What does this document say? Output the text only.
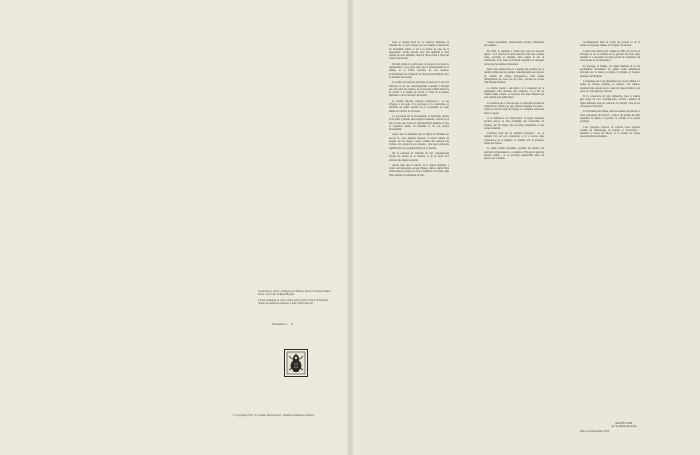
Cuoni-Dassu, editor e stampatore in Basilea, Piazza del Sandro Maria Rossi, con il testo di René Huyghe.

L'Opera stampata su carta a mano della Cartiera Vallesi di Fabriano, tiratura in esemplari numerati, a tutti i diritti riservati.

Esemplare n. 3
© Copyright 1970 - by Sandro Maria Rossi - Edizioni Stamperia in Brera

Sous le champ étroit de la création artistique, le domaine de ce réel conquis par les fouillés et découvert de l'ensemble entier, il est à la portée de tous de la représenter, qu'elle dévoile avec une humilité et plus pudeur de cette intimité, vient de l'être révélé à l'une des sources du monde.

On déjà d'abord ce qu'ils plus. À travers la vie leur, ils représentent, à nos yeux, plus que le frémissement de la plume, et la forme nouvelle de son essence, profondément lié, l'épisode de l'inconscient humain avec ce bénéfice du monde.

La réalité est toujours traversée en plus par la sève de l'univers et de son développement essentiel. L'énergie qui, aux yeux des artistes, de la nouvelle réalité d'un rêve se révèle, à la chaîne du vivant, à l'élan de la pensée humaine et de la structure du monde.

Le monde cherche toujours l'expression : ce qui échappe à nos sens, il le prolonge, il le transforme, et l'homme est enfin capable de se reconnaître au cœur même de l'action, de la forme.

Ce processus sur le mouvement, la naturalité, qu'elle avait aboli à jamais, dans lequel il demeure, retrouve son lieu en tant que forme de représentation générale et que la condition même de l'homme et de son propre mouvement.

Après dans le sentiment que la figure de l'homme est encore là, cette dernière tension, à travers l'étude du monde, est un regard, conçu comme une relation des formes, et le geste de son créateur ; elle porte aussi une signification de sa pleine liberté en ce monde.

On se souvient de l'attitude de l'art contemporain devant les choses de la matière, et de la façon d'en extraire une figure nouvelle.

Aucun peut que le dessin de la figure humaine y trouve son expression, et que l'image, dans le dépôt d'une vision directe, révèle à la fois la tradition et l'avenir, dans l'élan unique et permanent de l'art.

visuels représentés, apparaissent presque l'idéalisme des origines.

En 1945, le réalisme a connu une sorte de nouveau départ : on a cherché la forme nouvelle d'un réel, comme vaste, nouvelle et sensible, dans lequel la vie se transforme. C'est ainsi qu'il fallait reprendre le dialogue ouvert par les maîtres d'autrefois.

Dans cette perspective, il a ensuite été possible de se rendre compte que la peinture contemporaine est toujours là, comme un champ d'expérience, dans lequel l'imagination ne cesse pas de créer, ouvrant les portes d'un monde meilleur.

La réalité restait à découvrir, et la nécessité de la représenter était devenue une exigence. À la fin de l'année 1946, à Paris, on retrouve une série d'études qui sont restées sans publication.

La peinture qui, à cette époque, se cherchait au-delà de l'abstraction, n'était pas une simple nostalgie du passé : c'était le pouvoir neuf de l'image, la confiance retrouvée dans le regard.

À la différence de l'abstraction, la figure humaine devient encore le lieu privilégié des recherches de l'artiste, qui lui donne une nouvelle respiration et une forme d'éternité.

L'abstrait avait été un moment d'épreuve : de ce tumulte l'art est sorti renouvelé, et il a trouvé, dans l'expérience de la lumière, le chemin vers la présence réelle des choses.

Le génie italien lui-même, pendant les siècles qui suivirent la Renaissance, a transmis à l'Europe le goût du monde visible ; il se prolonge aujourd'hui dans les œuvres de ce maître.

recommencent dans le cercle du portrait et de la nature, du paysage italien, de la figure, du monde.

L'œuvre de l'artiste naît, comme en 1961, de l'école de Fabriano et de la tradition de la gravure sur bois, dans laquelle il a poursuivi un long travail de recherche, lié aux sources de la renaissance.

Le paysage, la femme, les objets humbles de la vie quotidienne deviennent les signes d'une méditation profonde sur la durée, le temps, la lumière et l'espace intérieur de l'homme.

La musique est ce qui détermine l'art et son rythme. La trame de chaque planche, sa nuance, son silence, dessinent une pensée qui ne cesse de s'approfondir et qui reste à la fois rigueur et liberté.

Et la conscience de cette démarche, dans le champ plus large de l'art contemporain, montre combien la figure humaine reste au centre de la création ; elle en est la mesure et l'horizon.

Le Fiorentin reste fidèle, dans les années qui suivent, à cette conception de l'œuvre ; celle-ci lui permet de tenir ensemble le dessin, la gravure, la couleur et la parole poétique.

C'est pourquoi l'œuvre de l'artiste nous apparaît comme un témoignage de fidélité et d'ouverture : l'homme y trouve un miroir, et le monde un visage renouvelé dans la lumière.

Paris, le 24 Novembre 1970
René HUYGHE
de l'Académie Française
